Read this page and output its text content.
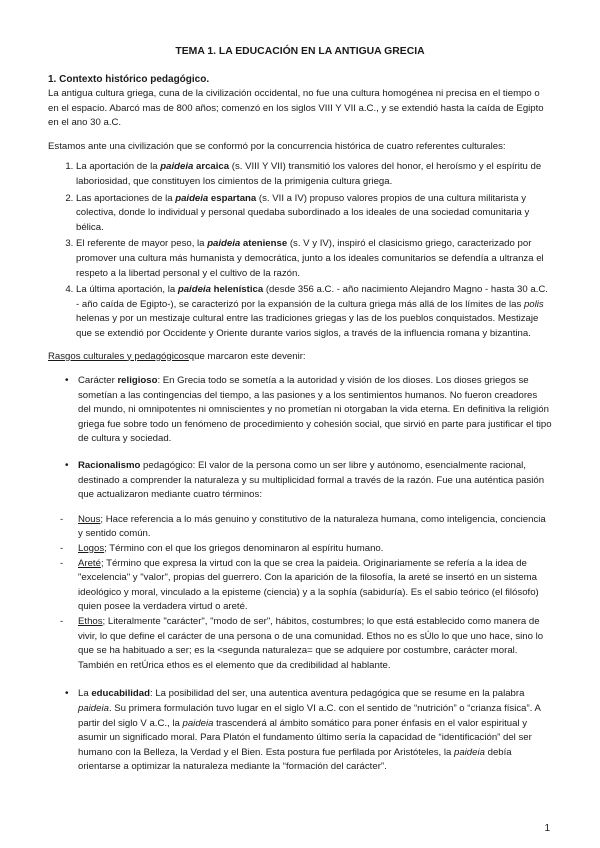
TEMA 1. LA EDUCACIÓN EN LA ANTIGUA GRECIA
1. Contexto histórico pedagógico.

La antigua cultura griega, cuna de la civilización occidental, no fue una cultura homogénea ni precisa en el tiempo o en el espacio. Abarcó mas de 800 años; comenzó en los siglos VIII Y VII a.C., y se extendió hasta la caída de Egipto en el ano 30 a.C.

Estamos ante una civilización que se conformó por la concurrencia histórica de cuatro referentes culturales:

1. La aportación de la paideia arcaica (s. VIII Y VII) transmitió los valores del honor, el heroísmo y el espíritu de laboriosidad, que constituyen los cimientos de la primigenia cultura griega.
2. Las aportaciones de la paideia espartana (s. VII a IV) propuso valores propios de una cultura militarista y colectiva, donde lo individual y personal quedaba subordinado a los ideales de una sociedad comunitaria y bélica.
3. El referente de mayor peso, la paideia ateniense (s. V y IV), inspiró el clasicismo griego, caracterizado por promover una cultura más humanista y democrática, junto a los ideales comunitarios se defendía a ultranza el respeto a la libertad personal y el cultivo de la razón.
4. La última aportación, la paideia helenística (desde 356 a.C. - año nacimiento Alejandro Magno - hasta 30 a.C. - año caída de Egipto-), se caracterizó por la expansión de la cultura griega más allá de los límites de las polis helenas y por un mestizaje cultural entre las tradiciones griegas y las de los pueblos conquistados. Mestizaje que se extendió por Occidente y Oriente durante varios siglos, a través de la influencia romana y bizantina.

Rasgos culturales y pedagógicosque marcaron este devenir:

• Carácter religioso: En Grecia todo se sometía a la autoridad y visión de los dioses. Los dioses griegos se sometían a las contingencias del tiempo, a las pasiones y a los sentimientos humanos. No fueron creadores del mundo, ni omnipotentes ni omniscientes y no prometían ni otorgaban la vida eterna. En definitiva la religión griega fue sobre todo un fenómeno de procedimiento y cohesión social, que sirvió en parte para justificar el tipo de cultura y sociedad.
• Racionalismo pedagógico: El valor de la persona como un ser libre y autónomo, esencialmente racional, destinado a comprender la naturaleza y su multiplicidad formal a través de la razón. Fue una auténtica pasión que actualizaron mediante cuatro términos:
- Nous; Hace referencia a lo más genuino y constitutivo de la naturaleza humana, como inteligencia, conciencia y sentido común.
- Logos; Término con el que los griegos denominaron al espíritu humano.
- Areté; Término que expresa la virtud con la que se crea la paideia. Originariamente se refería a la idea de "excelencia" y "valor", propias del guerrero. Con la aparición de la filosofía, la areté se insertó en un sistema ideológico y moral, vinculado a la episteme (ciencia) y a la sophía (sabiduría). Es el sabio teórico (el filósofo) quien posee la verdadera virtud o areté.
- Ethos; Literalmente "carácter", "modo de ser", hábitos, costumbres; lo que está establecido como manera de vivir, lo que define el carácter de una persona o de una comunidad. Ethos no es sÚlo lo que uno hace, sino lo que se ha habituado a ser; es la <segunda naturaleza= que se adquiere por costumbre, carácter moral. También en retÚrica ethos es el elemento que da credibilidad al hablante.
• La educabilidad: La posibilidad del ser, una autentica aventura pedagógica que se resume en la palabra paideia. Su primera formulación tuvo lugar en el siglo VI a.C. con el sentido de “nutrición” o “crianza física”. A partir del siglo V a.C., la paideia trascenderá al ámbito somático para poner énfasis en el valor espiritual y asumir un significado moral. Para Platón el fundamento último sería la capacidad de “identificación” del ser humano con la Belleza, la Verdad y el Bien. Esta postura fue perfilada por Aristóteles, la paideia debía orientarse a optimizar la naturaleza mediante la “formación del carácter”.
1
